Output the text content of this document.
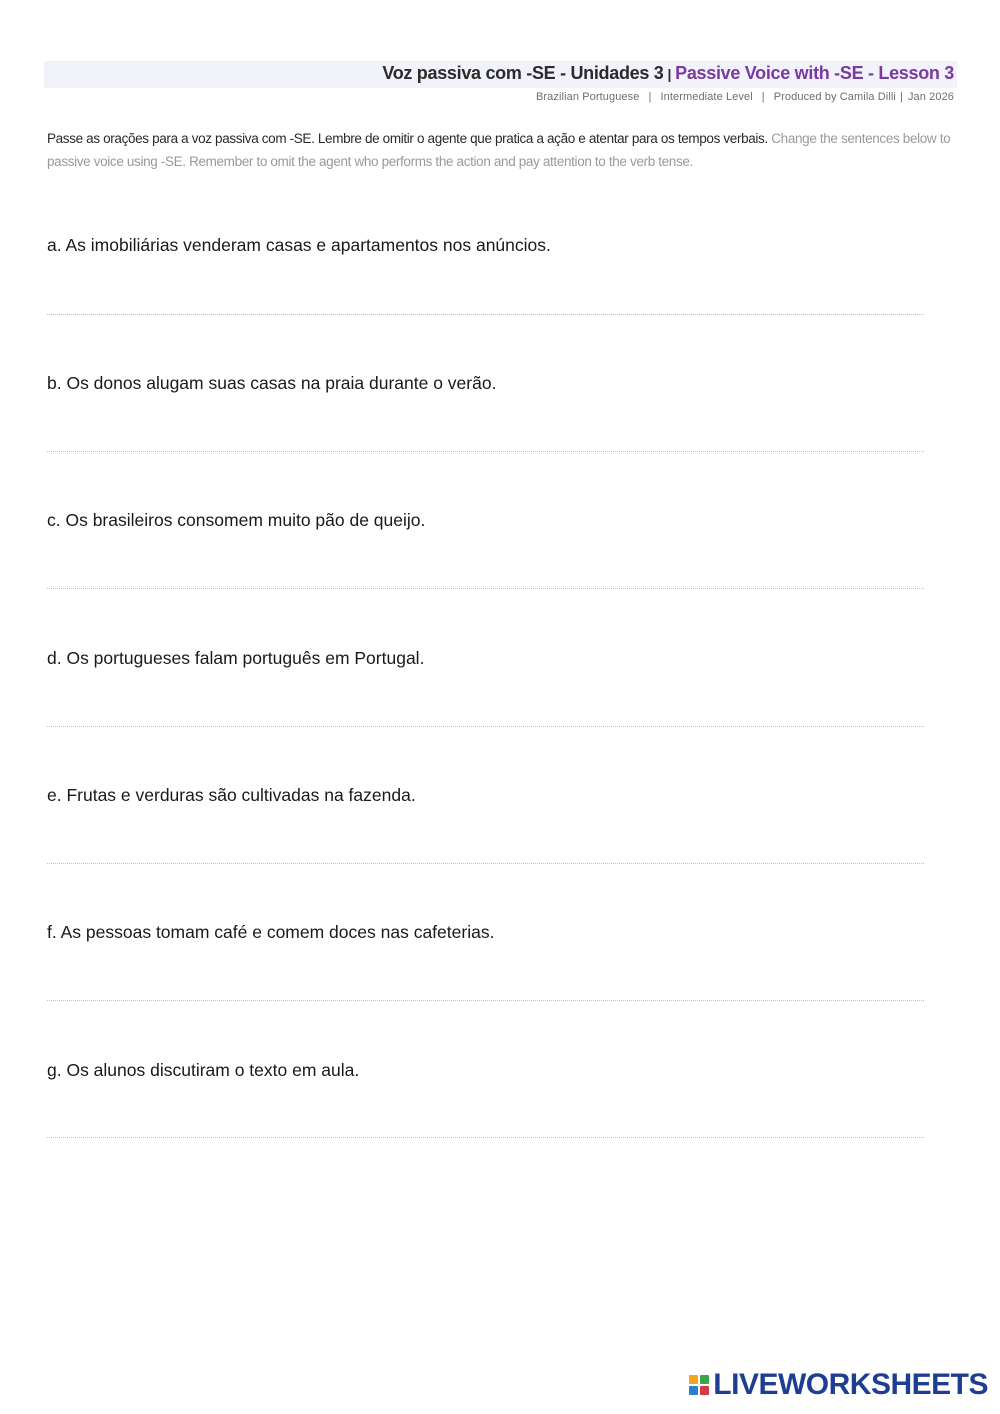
Voz passiva com -SE - Unidades 3 | Passive Voice with -SE - Lesson 3
Brazilian Portuguese | Intermediate Level | Produced by Camila Dilli | Jan 2026
Passe as orações para a voz passiva com -SE. Lembre de omitir o agente que pratica a ação e atentar para os tempos verbais. Change the sentences below to passive voice using -SE. Remember to omit the agent who performs the action and pay attention to the verb tense.
a. As imobiliárias venderam casas e apartamentos nos anúncios.
b. Os donos alugam suas casas na praia durante o verão.
c. Os brasileiros consomem muito pão de queijo.
d. Os portugueses falam português em Portugal.
e. Frutas e verduras são cultivadas na fazenda.
f. As pessoas tomam café e comem doces nas cafeterias.
g. Os alunos discutiram o texto em aula.
LIVEWORKSHEETS
